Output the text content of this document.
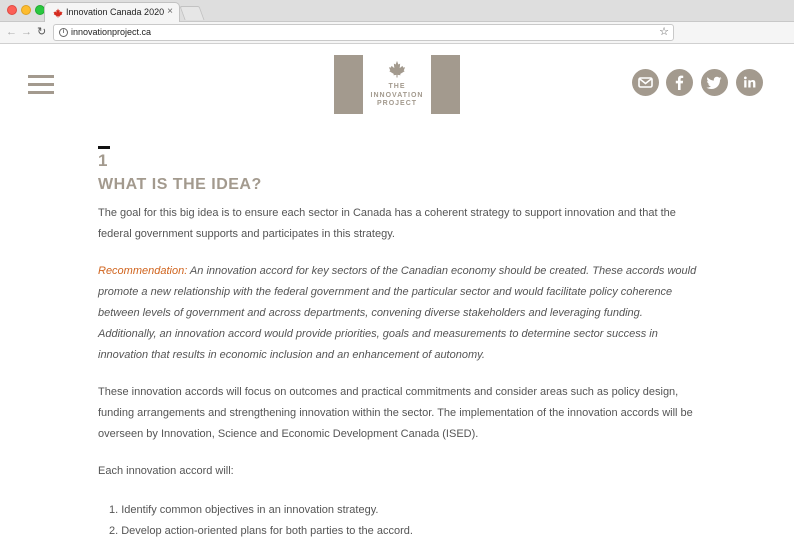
Innovation Canada 2020 ×
← → ↻	i innovationproject.ca	☆
THE
INNOVATION
PROJECT
1
WHAT IS THE IDEA?

The goal for this big idea is to ensure each sector in Canada has a coherent strategy to support innovation and that the
federal government supports and participates in this strategy.

Recommendation: An innovation accord for key sectors of the Canadian economy should be created. These accords would
promote a new relationship with the federal government and the particular sector and would facilitate policy coherence
between levels of government and across departments, convening diverse stakeholders and leveraging funding.
Additionally, an innovation accord would provide priorities, goals and measurements to determine sector success in
innovation that results in economic inclusion and an enhancement of autonomy.

These innovation accords will focus on outcomes and practical commitments and consider areas such as policy design,
funding arrangements and strengthening innovation within the sector. The implementation of the innovation accords will be
overseen by Innovation, Science and Economic Development Canada (ISED).

Each innovation accord will:

1. Identify common objectives in an innovation strategy.
2. Develop action-oriented plans for both parties to the accord.
